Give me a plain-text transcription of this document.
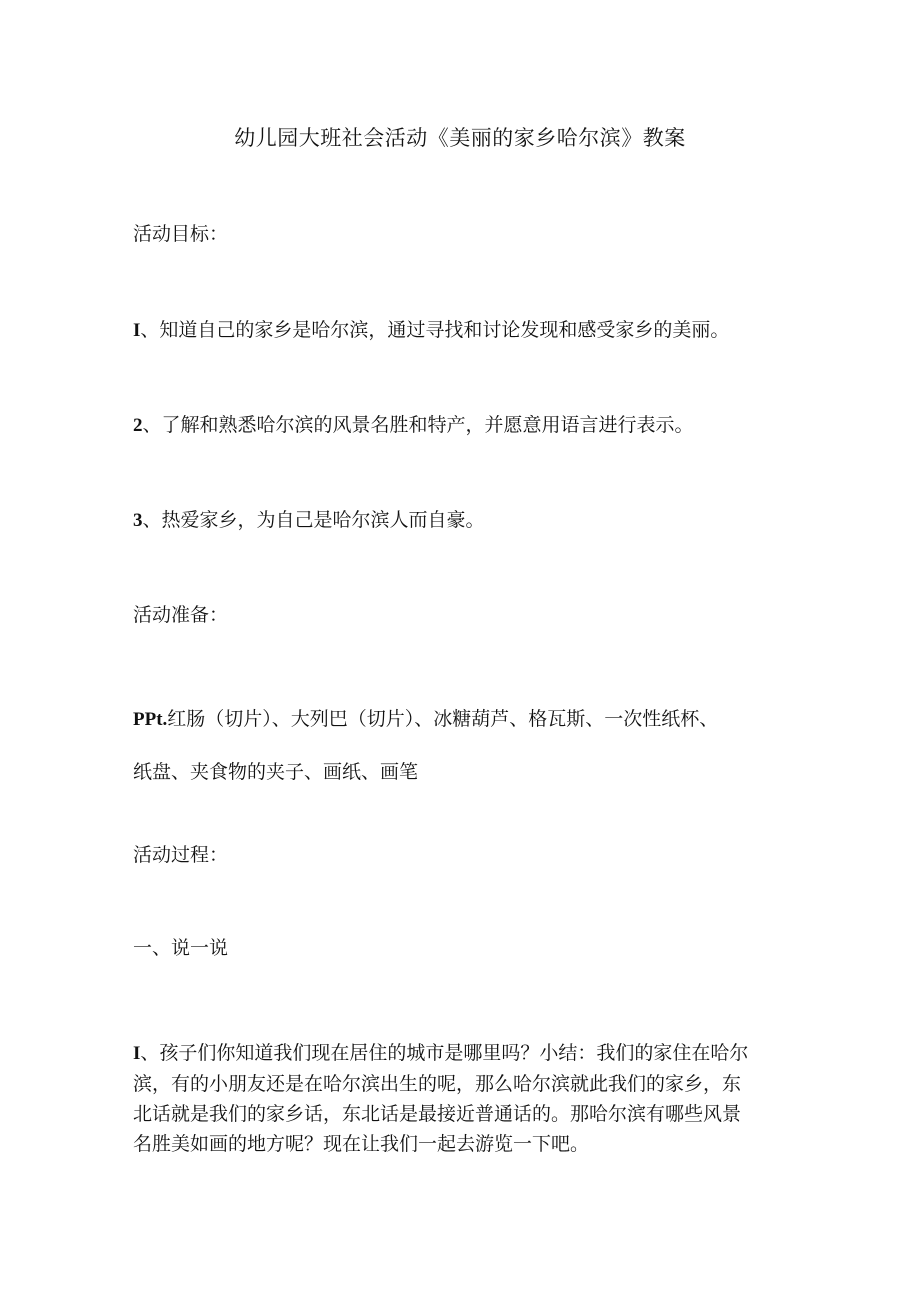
幼儿园大班社会活动《美丽的家乡哈尔滨》教案

活动目标：

I、知道自己的家乡是哈尔滨，通过寻找和讨论发现和感受家乡的美丽。

2、了解和熟悉哈尔滨的风景名胜和特产，并愿意用语言进行表示。

3、热爱家乡，为自己是哈尔滨人而自豪。

活动准备：

PPt.红肠（切片）、大列巴（切片）、冰糖葫芦、格瓦斯、一次性纸杯、
纸盘、夹食物的夹子、画纸、画笔

活动过程：

一、说一说

I、孩子们你知道我们现在居住的城市是哪里吗？小结：我们的家住在哈尔
滨，有的小朋友还是在哈尔滨出生的呢，那么哈尔滨就此我们的家乡，东
北话就是我们的家乡话，东北话是最接近普通话的。那哈尔滨有哪些风景
名胜美如画的地方呢？现在让我们一起去游览一下吧。
